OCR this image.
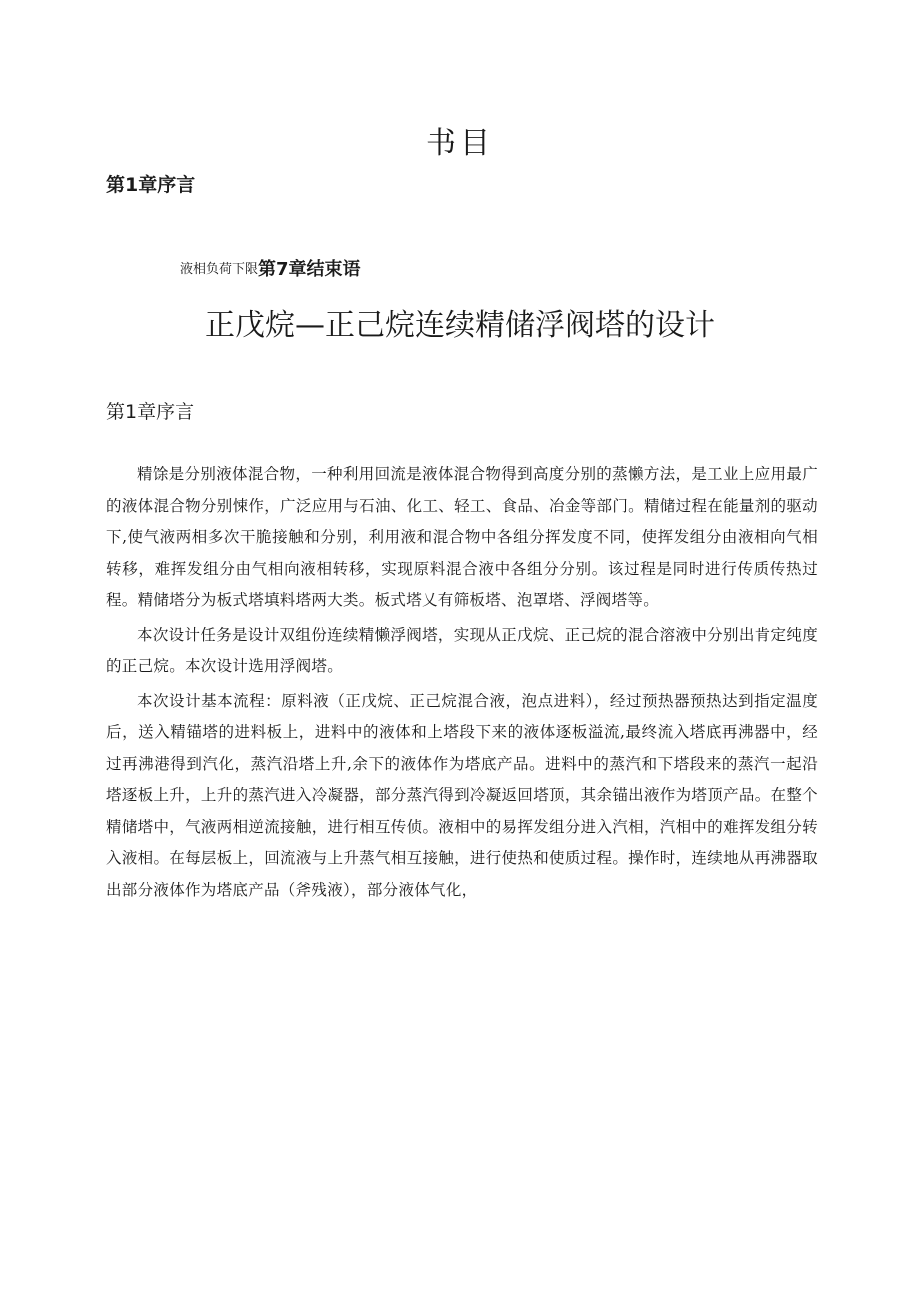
书目
第1章序言
液相负荷下限第7章结束语
正戊烷—正己烷连续精储浮阀塔的设计
第1章序言

精馀是分别液体混合物，一种利用回流是液体混合物得到高度分别的蒸懒方法，是工业上应用最广的液体混合物分别悚作，广泛应用与石油、化工、轻工、食品、冶金等部门。精储过程在能量剂的驱动下,使气液两相多次干脆接触和分别，利用液和混合物中各组分挥发度不同，使挥发组分由液相向气相转移，难挥发组分由气相向液相转移，实现原料混合液中各组分分别。该过程是同时进行传质传热过程。精储塔分为板式塔填料塔两大类。板式塔乂有筛板塔、泡罩塔、浮阀塔等。

本次设计任务是设计双组份连续精懒浮阀塔，实现从正戊烷、正己烷的混合溶液中分别出肯定纯度的正己烷。本次设计选用浮阀塔。

本次设计基本流程：原料液（正戊烷、正己烷混合液，泡点进料），经过预热器预热达到指定温度后，送入精锚塔的进料板上，进料中的液体和上塔段下来的液体逐板溢流,最终流入塔底再沸器中，经过再沸港得到汽化，蒸汽沿塔上升,余下的液体作为塔底产品。进料中的蒸汽和下塔段来的蒸汽一起沿塔逐板上升，上升的蒸汽进入冷凝器，部分蒸汽得到冷凝返回塔顶，其余锚出液作为塔顶产品。在整个精储塔中，气液两相逆流接触，进行相互传侦。液相中的易挥发组分进入汽相，汽相中的难挥发组分转入液相。在每层板上，回流液与上升蒸气相互接触，进行使热和使质过程。操作时，连续地从再沸器取出部分液体作为塔底产品（斧残液），部分液体气化，
